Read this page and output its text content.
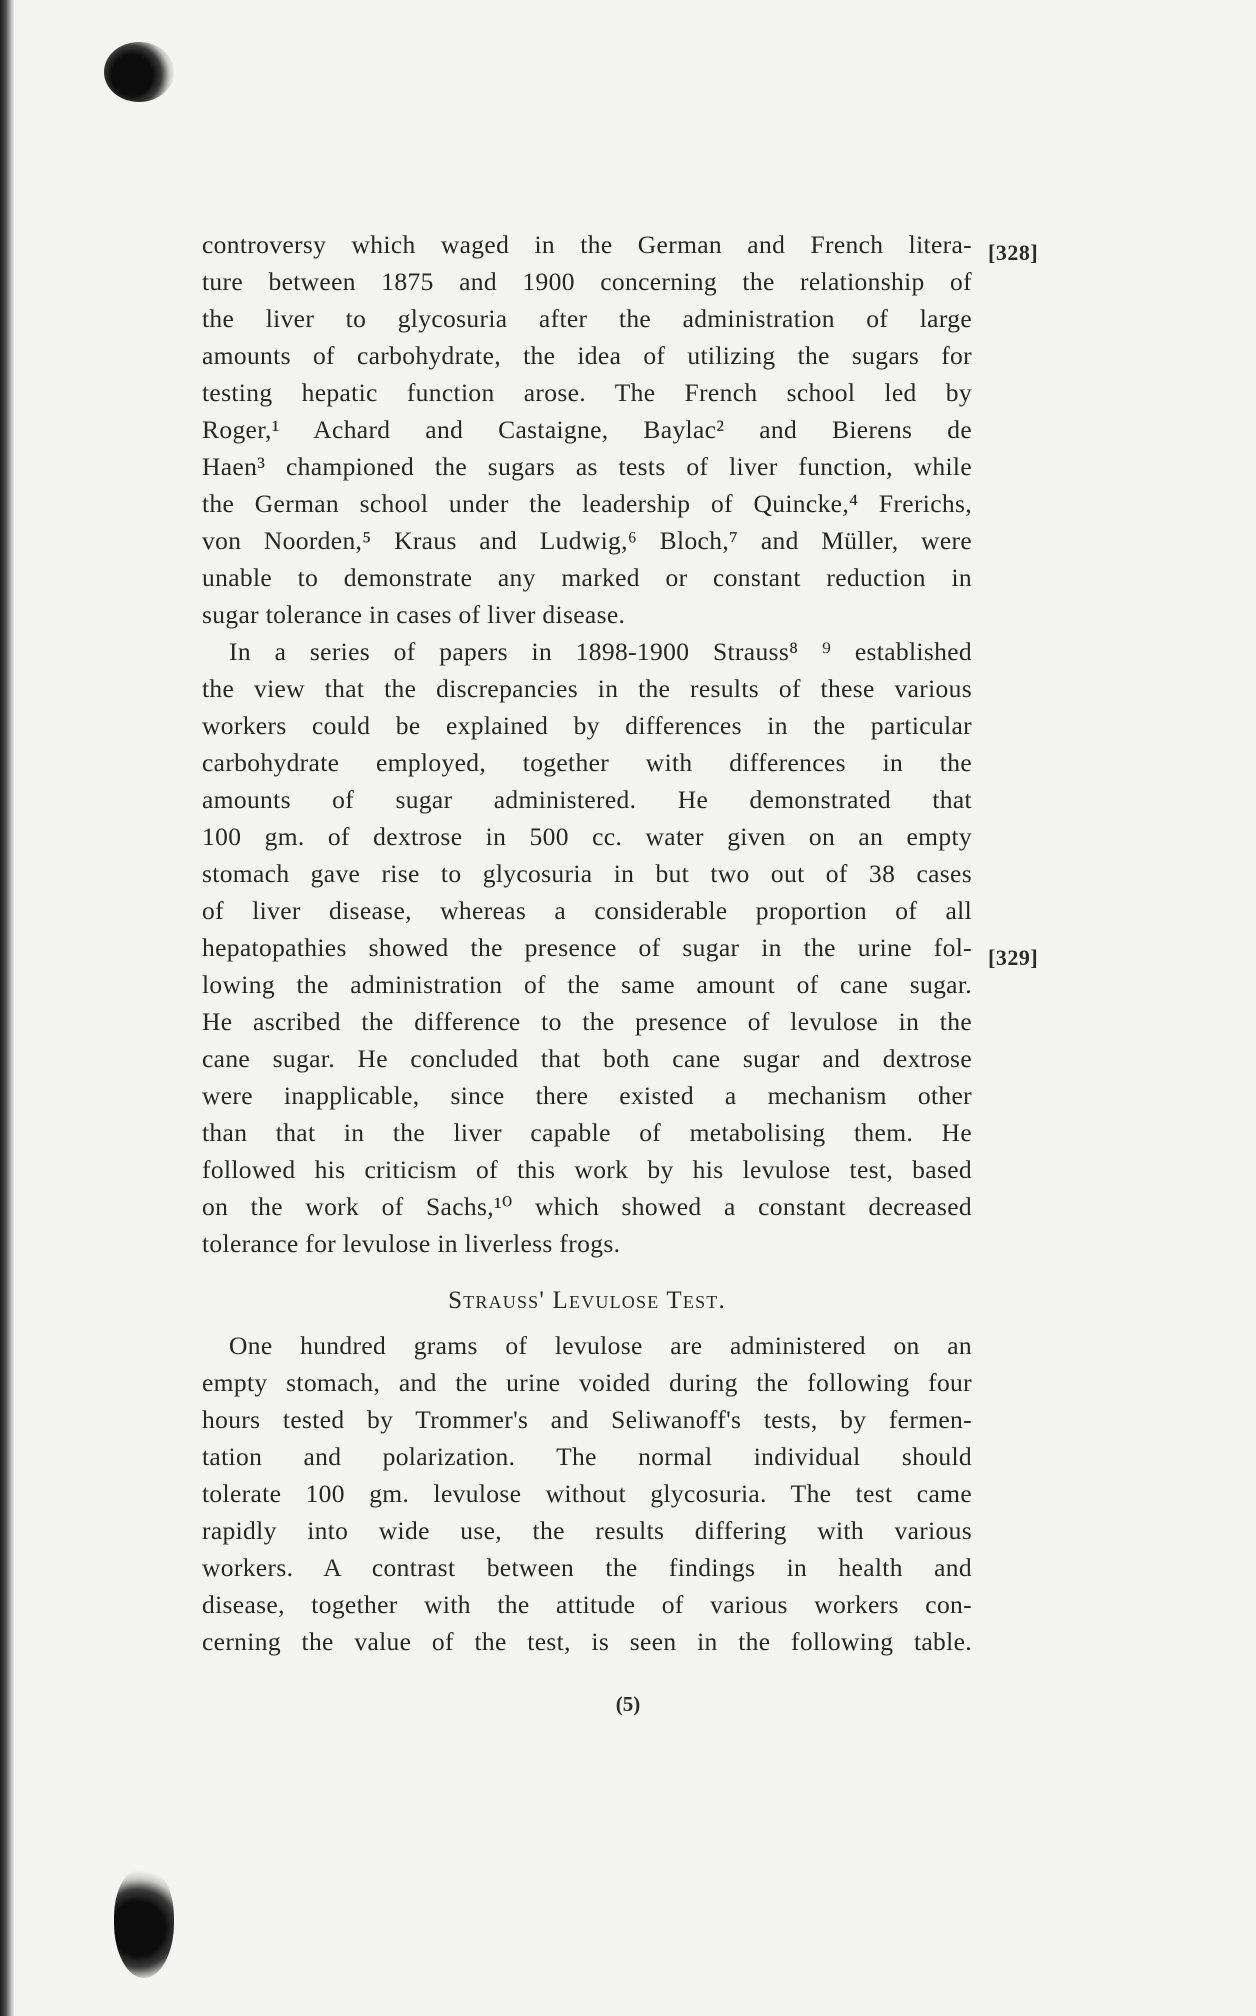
controversy which waged in the German and French litera-
ture between 1875 and 1900 concerning the relationship of
the liver to glycosuria after the administration of large
amounts of carbohydrate, the idea of utilizing the sugars for
testing hepatic function arose. The French school led by
Roger,¹ Achard and Castaigne, Baylac² and Bierens de
Haen³ championed the sugars as tests of liver function, while
the German school under the leadership of Quincke,⁴ Frerichs,
von Noorden,⁵ Kraus and Ludwig,⁶ Bloch,⁷ and Müller, were
unable to demonstrate any marked or constant reduction in
sugar tolerance in cases of liver disease.
In a series of papers in 1898-1900 Strauss⁸ ⁹ established
the view that the discrepancies in the results of these various
workers could be explained by differences in the particular
carbohydrate employed, together with differences in the
amounts of sugar administered. He demonstrated that
100 gm. of dextrose in 500 cc. water given on an empty
stomach gave rise to glycosuria in but two out of 38 cases
of liver disease, whereas a considerable proportion of all
hepatopathies showed the presence of sugar in the urine fol-
lowing the administration of the same amount of cane sugar.
He ascribed the difference to the presence of levulose in the
cane sugar. He concluded that both cane sugar and dextrose
were inapplicable, since there existed a mechanism other
than that in the liver capable of metabolising them. He
followed his criticism of this work by his levulose test, based
on the work of Sachs,¹⁰ which showed a constant decreased
tolerance for levulose in liverless frogs.
Strauss' Levulose Test.
One hundred grams of levulose are administered on an
empty stomach, and the urine voided during the following four
hours tested by Trommer's and Seliwanoff's tests, by fermen-
tation and polarization. The normal individual should
tolerate 100 gm. levulose without glycosuria. The test came
rapidly into wide use, the results differing with various
workers. A contrast between the findings in health and
disease, together with the attitude of various workers con-
cerning the value of the test, is seen in the following table.
[328]
[329]
(5)
